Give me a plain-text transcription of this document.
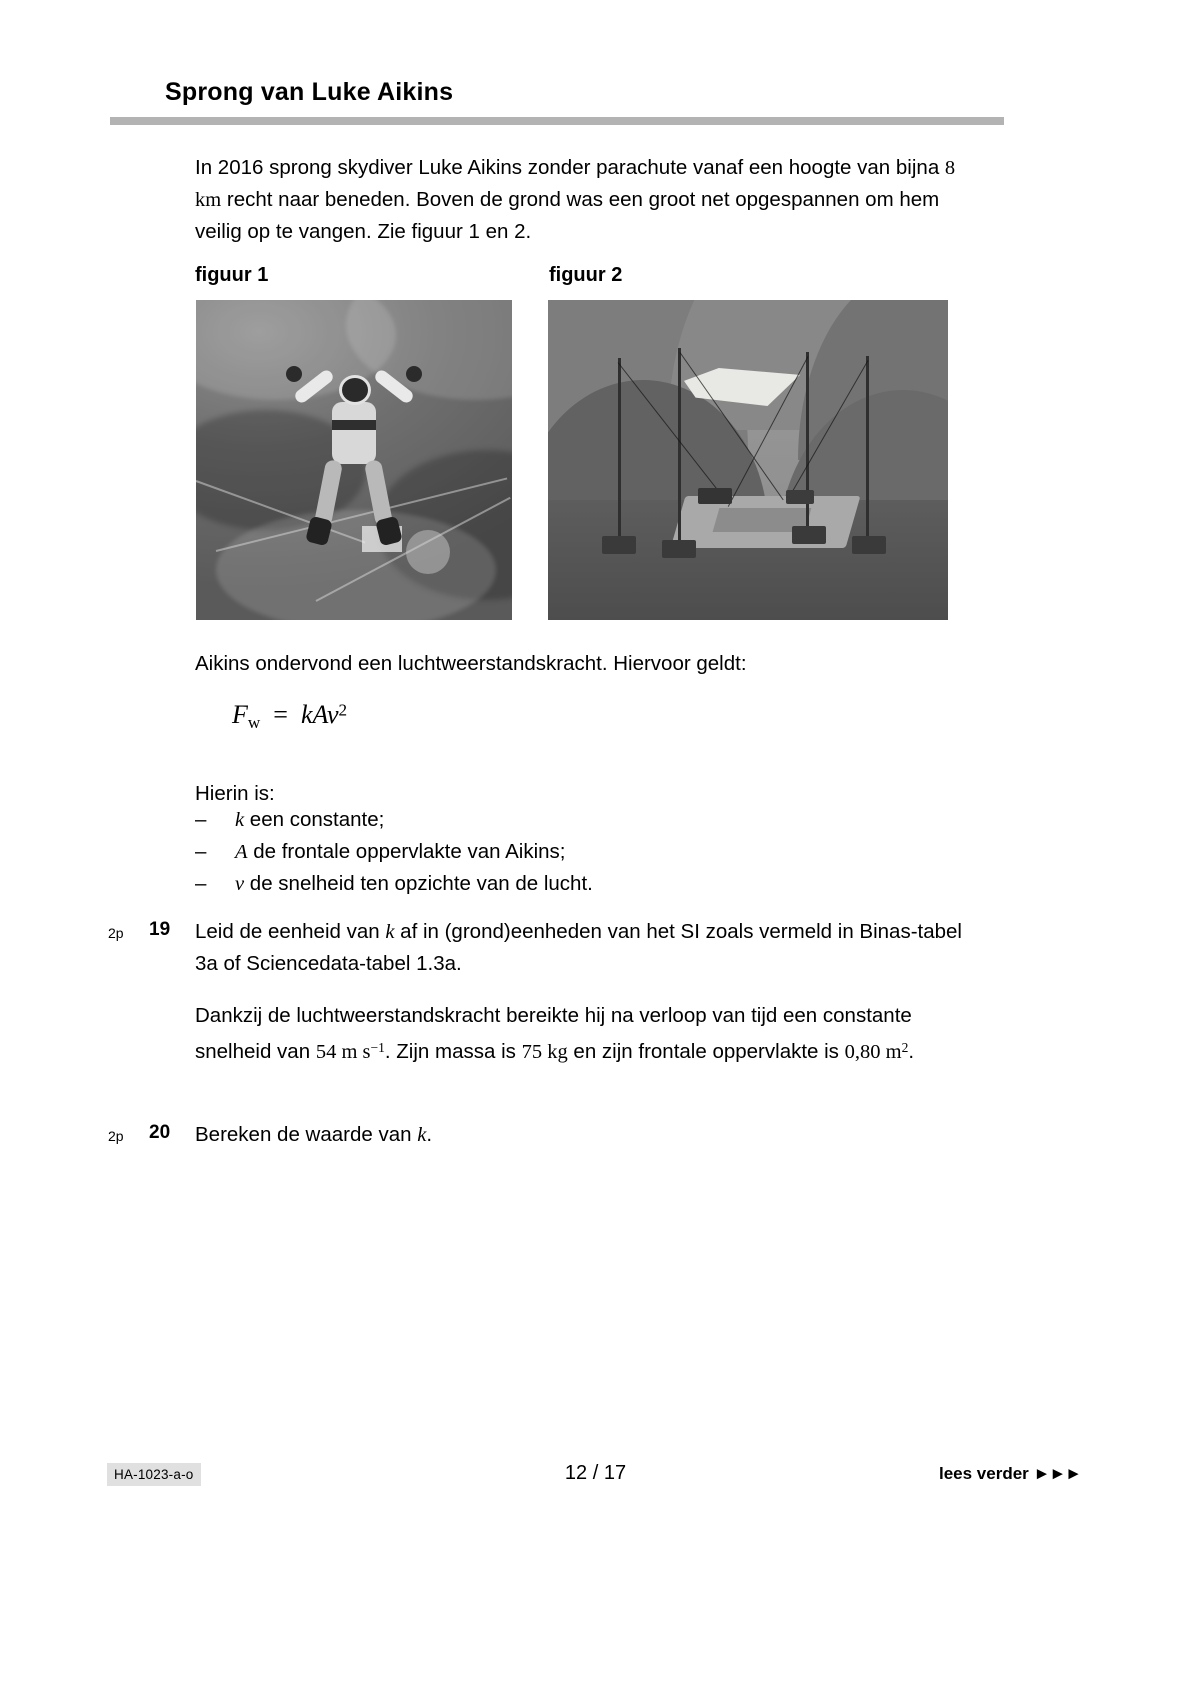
Sprong van Luke Aikins
In 2016 sprong skydiver Luke Aikins zonder parachute vanaf een hoogte van bijna 8 km recht naar beneden. Boven de grond was een groot net opgespannen om hem veilig op te vangen. Zie figuur 1 en 2.
figuur 1	figuur 2
Aikins ondervond een luchtweerstandskracht. Hiervoor geldt:
$F_w = kAv^2$
Hierin is:
–	k een constante;
–	A de frontale oppervlakte van Aikins;
–	v de snelheid ten opzichte van de lucht.
2p 19 Leid de eenheid van k af in (grond)eenheden van het SI zoals vermeld in Binas-tabel 3a of Sciencedata-tabel 1.3a.
Dankzij de luchtweerstandskracht bereikte hij na verloop van tijd een constante snelheid van 54 m $s^{-1}$. Zijn massa is 75 kg en zijn frontale oppervlakte is 0,80 $m^2$.
2p 20 Bereken de waarde van k.
HA-1023-a-o	12 / 17	lees verder ►►►
